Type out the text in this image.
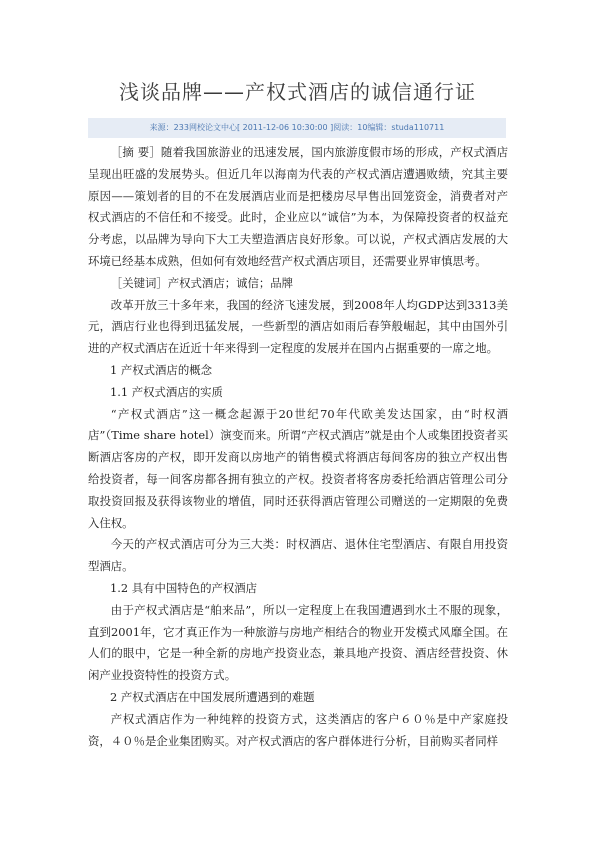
浅谈品牌——产权式酒店的诚信通行证
来源：233网校论文中心[ 2011-12-06 10:30:00 ]阅读：10编辑：studa110711

［摘 要］随着我国旅游业的迅速发展，国内旅游度假市场的形成，产权式酒店呈现出旺盛的发展势头。但近几年以海南为代表的产权式酒店遭遇败绩，究其主要原因——策划者的目的不在发展酒店业而是把楼房尽早售出回笼资金，消费者对产权式酒店的不信任和不接受。此时，企业应以“诚信”为本，为保障投资者的权益充分考虑，以品牌为导向下大工夫塑造酒店良好形象。可以说，产权式酒店发展的大环境已经基本成熟，但如何有效地经营产权式酒店项目，还需要业界审慎思考。

［关键词］产权式酒店；诚信；品牌

改革开放三十多年来，我国的经济飞速发展，到2008年人均GDP达到3313美元，酒店行业也得到迅猛发展，一些新型的酒店如雨后春笋般崛起，其中由国外引进的产权式酒店在近近十年来得到一定程度的发展并在国内占据重要的一席之地。

1 产权式酒店的概念

1.1 产权式酒店的实质

“产权式酒店”这一概念起源于20世纪70年代欧美发达国家，由“时权酒店”（Time share hotel）演变而来。所谓“产权式酒店”就是由个人或集团投资者买断酒店客房的产权，即开发商以房地产的销售模式将酒店每间客房的独立产权出售给投资者，每一间客房都各拥有独立的产权。投资者将客房委托给酒店管理公司分取投资回报及获得该物业的增值，同时还获得酒店管理公司赠送的一定期限的免费入住权。

今天的产权式酒店可分为三大类：时权酒店、退休住宅型酒店、有限自用投资型酒店。

1.2 具有中国特色的产权酒店

由于产权式酒店是“舶来品”，所以一定程度上在我国遭遇到水土不服的现象，直到2001年，它才真正作为一种旅游与房地产相结合的物业开发模式风靡全国。在人们的眼中，它是一种全新的房地产投资业态，兼具地产投资、酒店经营投资、休闲产业投资特性的投资方式。

2 产权式酒店在中国发展所遭遇到的难题

产权式酒店作为一种纯粹的投资方式，这类酒店的客户６０％是中产家庭投资，４０％是企业集团购买。对产权式酒店的客户群体进行分析，目前购买者同样
